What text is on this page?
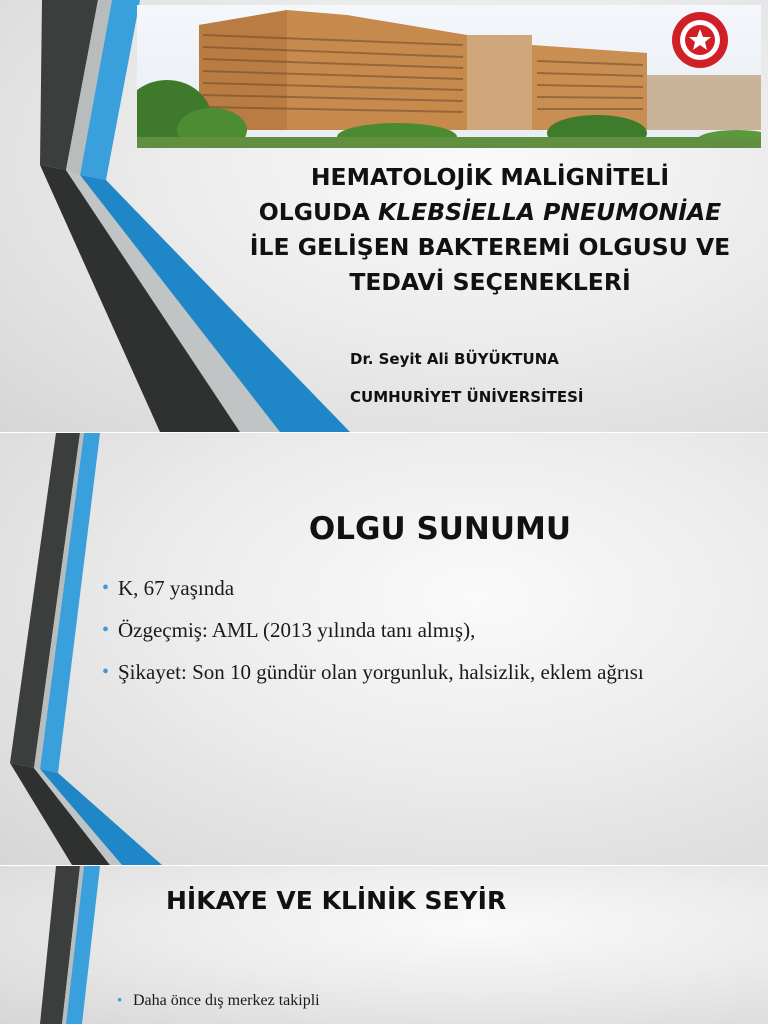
HEMATOLOJİK MALİGNİTELİ
OLGUDA KLEBSİELLA PNEUMONİAE
İLE GELİŞEN BAKTEREMİ OLGUSU VE
TEDAVİ SEÇENEKLERİ
Dr. Seyit Ali BÜYÜKTUNA
CUMHURİYET ÜNİVERSİTESİ
OLGU SUNUMU
• K, 67 yaşında
• Özgeçmiş: AML (2013 yılında tanı almış),
• Şikayet: Son 10 gündür olan yorgunluk, halsizlik, eklem ağrısı
HİKAYE VE KLİNİK SEYİR
• Daha önce dış merkez takipli
